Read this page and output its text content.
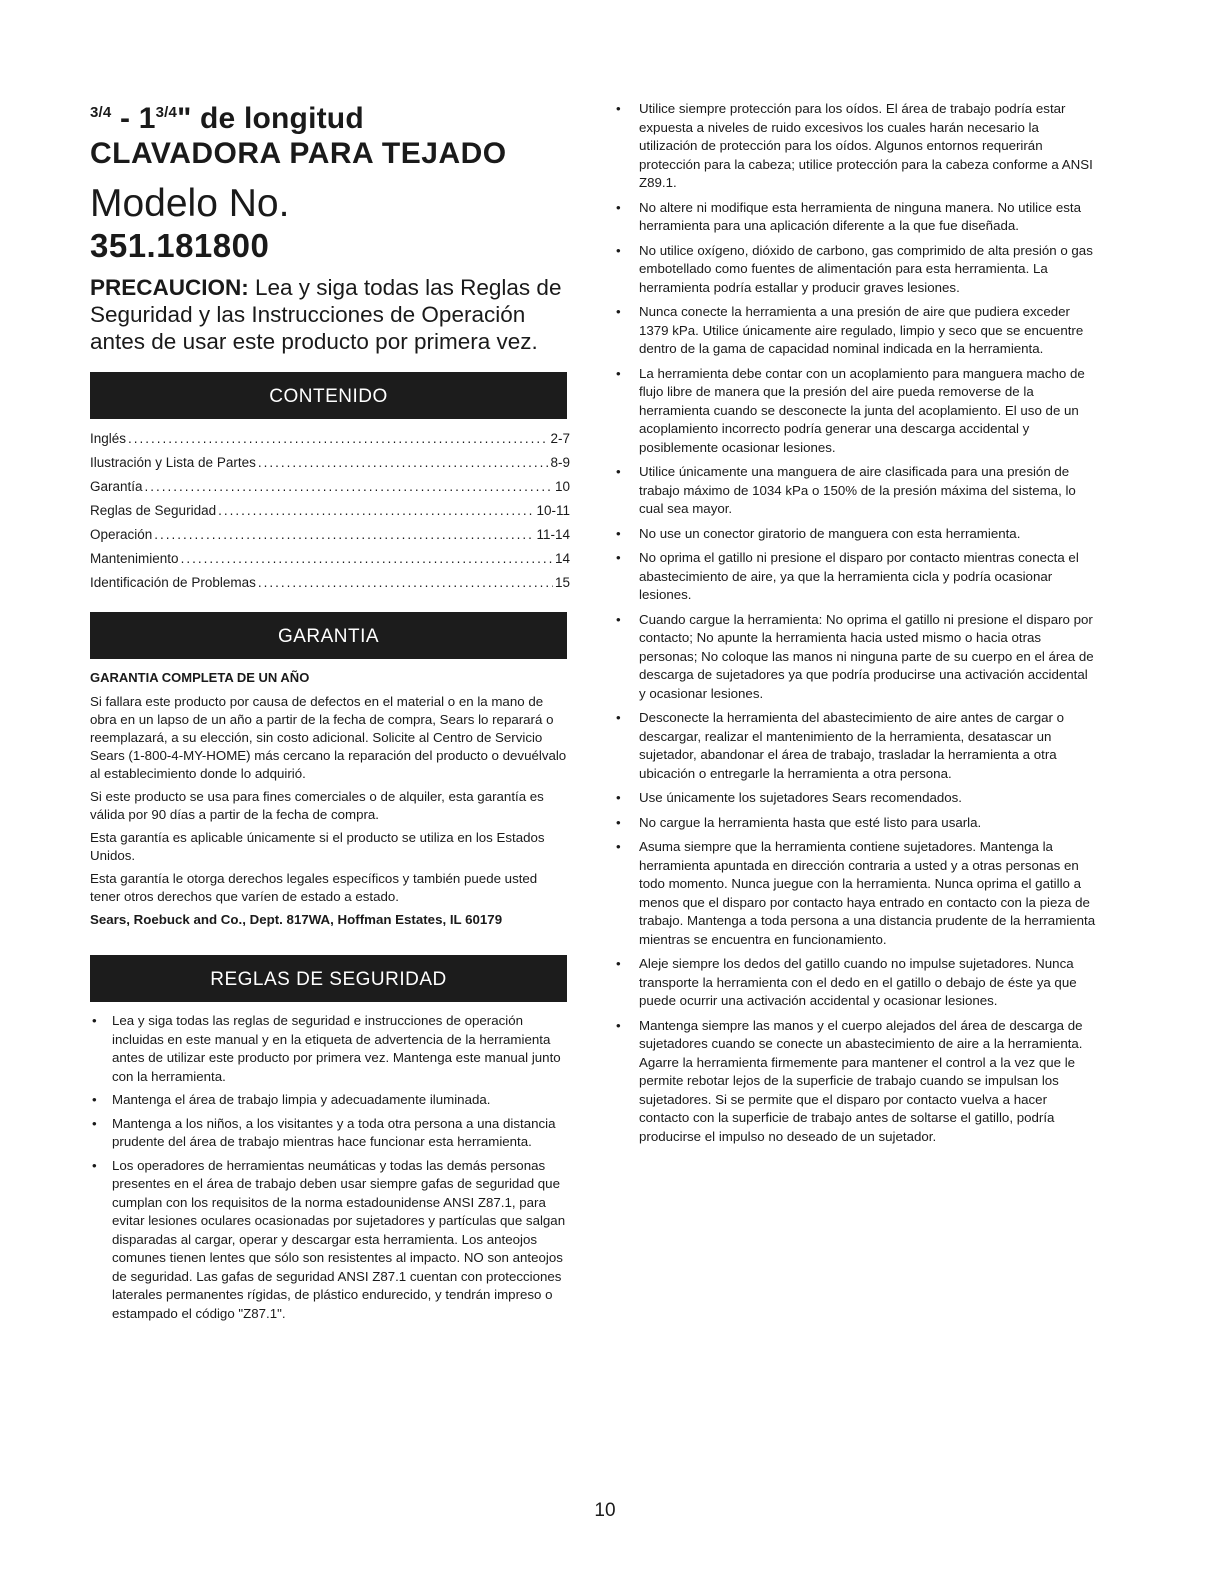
$^{3/4} - 1^{3/4}$" de longitud
CLAVADORA PARA TEJADO
Modelo No.
351.181800

PRECAUCION: Lea y siga todas las Reglas de Seguridad y las Instrucciones de Operación antes de usar este producto por primera vez.

CONTENIDO
Inglés .....	2-7
Ilustración y Lista de Partes .....	8-9
Garantía .....	10
Reglas de Seguridad .....	10-11
Operación .....	11-14
Mantenimiento .....	14
Identificación de Problemas .....	15
GARANTIA
GARANTIA COMPLETA DE UN AÑO

Si fallara este producto por causa de defectos en el material o en la mano de obra en un lapso de un año a partir de la fecha de compra, Sears lo reparará o reemplazará, a su elección, sin costo adicional. Solicite al Centro de Servicio Sears (1-800-4-MY-HOME) más cercano la reparación del producto o devuélvalo al establecimiento donde lo adquirió.

Si este producto se usa para fines comerciales o de alquiler, esta garantía es válida por 90 días a partir de la fecha de compra.

Esta garantía es aplicable únicamente si el producto se utiliza en los Estados Unidos.

Esta garantía le otorga derechos legales específicos y también puede usted tener otros derechos que varíen de estado a estado.

Sears, Roebuck and Co., Dept. 817WA, Hoffman Estates, IL 60179

REGLAS DE SEGURIDAD
• Lea y siga todas las reglas de seguridad e instrucciones de operación incluidas en este manual y en la etiqueta de advertencia de la herramienta antes de utilizar este producto por primera vez. Mantenga este manual junto con la herramienta.
• Mantenga el área de trabajo limpia y adecuadamente iluminada.
• Mantenga a los niños, a los visitantes y a toda otra persona a una distancia prudente del área de trabajo mientras hace funcionar esta herramienta.
• Los operadores de herramientas neumáticas y todas las demás personas presentes en el área de trabajo deben usar siempre gafas de seguridad que cumplan con los requisitos de la norma estadounidense ANSI Z87.1, para evitar lesiones oculares ocasionadas por sujetadores y partículas que salgan disparadas al cargar, operar y descargar esta herramienta. Los anteojos comunes tienen lentes que sólo son resistentes al impacto. NO son anteojos de seguridad. Las gafas de seguridad ANSI Z87.1 cuentan con protecciones laterales permanentes rígidas, de plástico endurecido, y tendrán impreso o estampado el código "Z87.1".
• Utilice siempre protección para los oídos. El área de trabajo podría estar expuesta a niveles de ruido excesivos los cuales harán necesario la utilización de protección para los oídos. Algunos entornos requerirán protección para la cabeza; utilice protección para la cabeza conforme a ANSI Z89.1.
• No altere ni modifique esta herramienta de ninguna manera. No utilice esta herramienta para una aplicación diferente a la que fue diseñada.
• No utilice oxígeno, dióxido de carbono, gas comprimido de alta presión o gas embotellado como fuentes de alimentación para esta herramienta. La herramienta podría estallar y producir graves lesiones.
• Nunca conecte la herramienta a una presión de aire que pudiera exceder 1379 kPa. Utilice únicamente aire regulado, limpio y seco que se encuentre dentro de la gama de capacidad nominal indicada en la herramienta.
• La herramienta debe contar con un acoplamiento para manguera macho de flujo libre de manera que la presión del aire pueda removerse de la herramienta cuando se desconecte la junta del acoplamiento. El uso de un acoplamiento incorrecto podría generar una descarga accidental y posiblemente ocasionar lesiones.
• Utilice únicamente una manguera de aire clasificada para una presión de trabajo máximo de 1034 kPa o 150% de la presión máxima del sistema, lo cual sea mayor.
• No use un conector giratorio de manguera con esta herramienta.
• No oprima el gatillo ni presione el disparo por contacto mientras conecta el abastecimiento de aire, ya que la herramienta cicla y podría ocasionar lesiones.
• Cuando cargue la herramienta: No oprima el gatillo ni presione el disparo por contacto; No apunte la herramienta hacia usted mismo o hacia otras personas; No coloque las manos ni ninguna parte de su cuerpo en el área de descarga de sujetadores ya que podría producirse una activación accidental y ocasionar lesiones.
• Desconecte la herramienta del abastecimiento de aire antes de cargar o descargar, realizar el mantenimiento de la herramienta, desatascar un sujetador, abandonar el área de trabajo, trasladar la herramienta a otra ubicación o entregarle la herramienta a otra persona.
• Use únicamente los sujetadores Sears recomendados.
• No cargue la herramienta hasta que esté listo para usarla.
• Asuma siempre que la herramienta contiene sujetadores. Mantenga la herramienta apuntada en dirección contraria a usted y a otras personas en todo momento. Nunca juegue con la herramienta. Nunca oprima el gatillo a menos que el disparo por contacto haya entrado en contacto con la pieza de trabajo. Mantenga a toda persona a una distancia prudente de la herramienta mientras se encuentra en funcionamiento.
• Aleje siempre los dedos del gatillo cuando no impulse sujetadores. Nunca transporte la herramienta con el dedo en el gatillo o debajo de éste ya que puede ocurrir una activación accidental y ocasionar lesiones.
• Mantenga siempre las manos y el cuerpo alejados del área de descarga de sujetadores cuando se conecte un abastecimiento de aire a la herramienta. Agarre la herramienta firmemente para mantener el control a la vez que le permite rebotar lejos de la superficie de trabajo cuando se impulsan los sujetadores. Si se permite que el disparo por contacto vuelva a hacer contacto con la superficie de trabajo antes de soltarse el gatillo, podría producirse el impulso no deseado de un sujetador.
10
